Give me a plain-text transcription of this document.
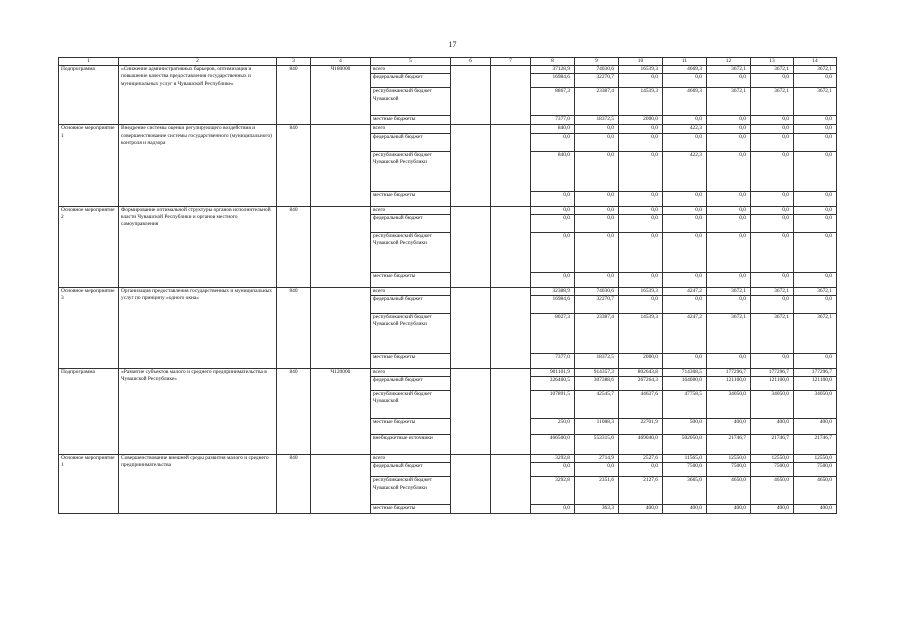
17
1	2	3	4	5	6	7	8	9	10	11	12	13	14
Подпрограмма	«Снижение административных барьеров, оптимизация и повышение качества предоставления государственных и муниципальных услуг в Чувашской Республике»	840	Ч180000	всего			37128,9	74030,6	16539,3	4669,3	3672,1	3672,1	3672,1
				федеральный бюджет			16984,6	32270,7	0,0	0,0	0,0	0,0	0,0
				республиканский бюджет Чувашской			8867,3	23387,4	14539,3	4669,3	3672,1	3672,1	3672,1
				местные бюджеты			7377,0	18372,5	2000,0	0,0	0,0	0,0	0,0
Основное мероприятие 1	Внедрение системы оценки регулирующего воздействия и совершенствование системы государственного (муниципального) контроля и надзора	840		всего			840,0	0,0	0,0	422,3	0,0	0,0	0,0
				федеральный бюджет			0,0	0,0	0,0	0,0	0,0	0,0	0,0
				республиканский бюджет Чувашской Республики			840,0	0,0	0,0	422,3	0,0	0,0	0,0
				местные бюджеты			0,0	0,0	0,0	0,0	0,0	0,0	0,0
Основное мероприятие 2	Формирование оптимальной структуры органов исполнительной власти Чувашской Республики и органов местного самоуправления	840		всего			0,0	0,0	0,0	0,0	0,0	0,0	0,0
				федеральный бюджет			0,0	0,0	0,0	0,0	0,0	0,0	0,0
				республиканский бюджет Чувашской Республики			0,0	0,0	0,0	0,0	0,0	0,0	0,0
				местные бюджеты			0,0	0,0	0,0	0,0	0,0	0,0	0,0
Основное мероприятие 3	Организация предоставления государственных и муниципальных услуг по принципу «одного окна»	840		всего			32388,9	74030,6	16539,3	4247,2	3672,1	3672,1	3672,1
				федеральный бюджет			16984,6	32270,7	0,0	0,0	0,0	0,0	0,0
				республиканский бюджет Чувашской Республики			8027,3	23387,4	14539,3	4247,2	3672,1	3672,1	3672,1
				местные бюджеты			7377,0	18372,5	2000,0	0,0	0,0	0,0	0,0
Подпрограмма	«Развитие субъектов малого и среднего предпринимательства в Чувашской Республике»	840	Ч120000	всего			901101,9	914357,3	802643,8	714308,5	177296,7	177296,7	177296,7
				федеральный бюджет			326460,5	307388,6	267264,3	164000,0	121100,0	121100,0	121100,0
				республиканский бюджет Чувашской			107891,5	42545,7	44637,6	47758,5	34050,0	34050,0	34050,0
				местные бюджеты			250,0	11088,3	22701,9	500,0	400,0	400,0	400,0
				внебюджетные источники			466500,0	553315,0	469040,0	502050,0	21746,7	21746,7	21746,7
Основное мероприятие 1	Совершенствование внешней среды развития малого и среднего предпринимательства	840		всего			3292,8	2714,9	2527,6	11565,0	12550,0	12550,0	12550,0
				федеральный бюджет			0,0	0,0	0,0	7500,0	7500,0	7500,0	7500,0
				республиканский бюджет Чувашской Республики			3292,8	2351,6	2127,6	3665,0	4650,0	4650,0	4650,0
				местные бюджеты			0,0	363,3	400,0	400,0	400,0	400,0	400,0
